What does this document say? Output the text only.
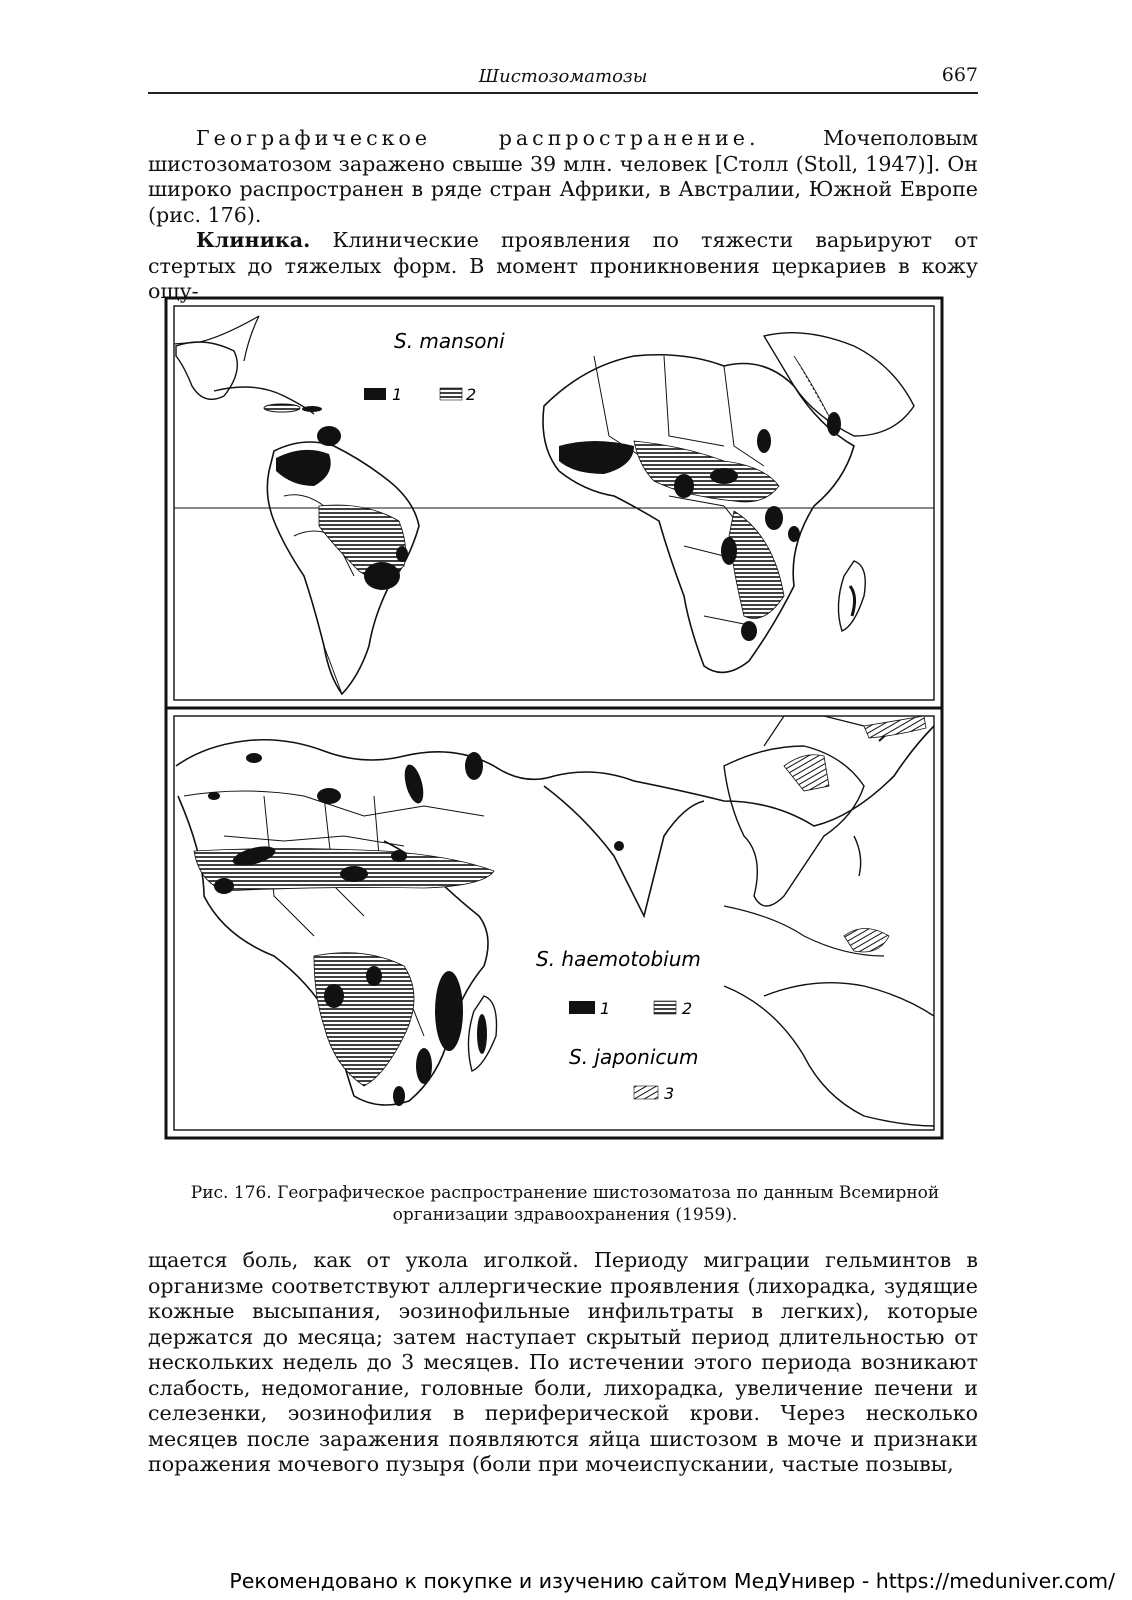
Шистозоматозы	667

Географическое распространение.	Мочеполовым шистозоматозом заражено свыше 39 млн. человек [Столл (Stoll, 1947)]. Он широко распространен в ряде стран Африки, в Австралии, Южной Европе (рис. 176).

Клиника. Клинические проявления по тяжести варьируют от стертых до тяжелых форм. В момент проникновения церкариев в кожу ощу-

S. mansoni
1	2
S. haemotobium
1	2
S. japonicum
3
Рис. 176. Географическое распространение шистозоматоза по данным Всемирной организации здравоохранения (1959).

щается боль, как от укола иголкой. Периоду миграции гельминтов в организме соответствуют аллергические проявления (лихорадка, зудящие кожные высыпания, эозинофильные инфильтраты в легких), которые держатся до месяца; затем наступает скрытый период длительностью от нескольких недель до 3 месяцев. По истечении этого периода возникают слабость, недомогание, головные боли, лихорадка, увеличение печени и селезенки, эозинофилия в периферической крови. Через несколько месяцев после заражения появляются яйца шистозом в моче и признаки поражения мочевого пузыря (боли при мочеиспускании, частые позывы,

Рекомендовано к покупке и изучению сайтом МедУнивер - https://meduniver.com/
